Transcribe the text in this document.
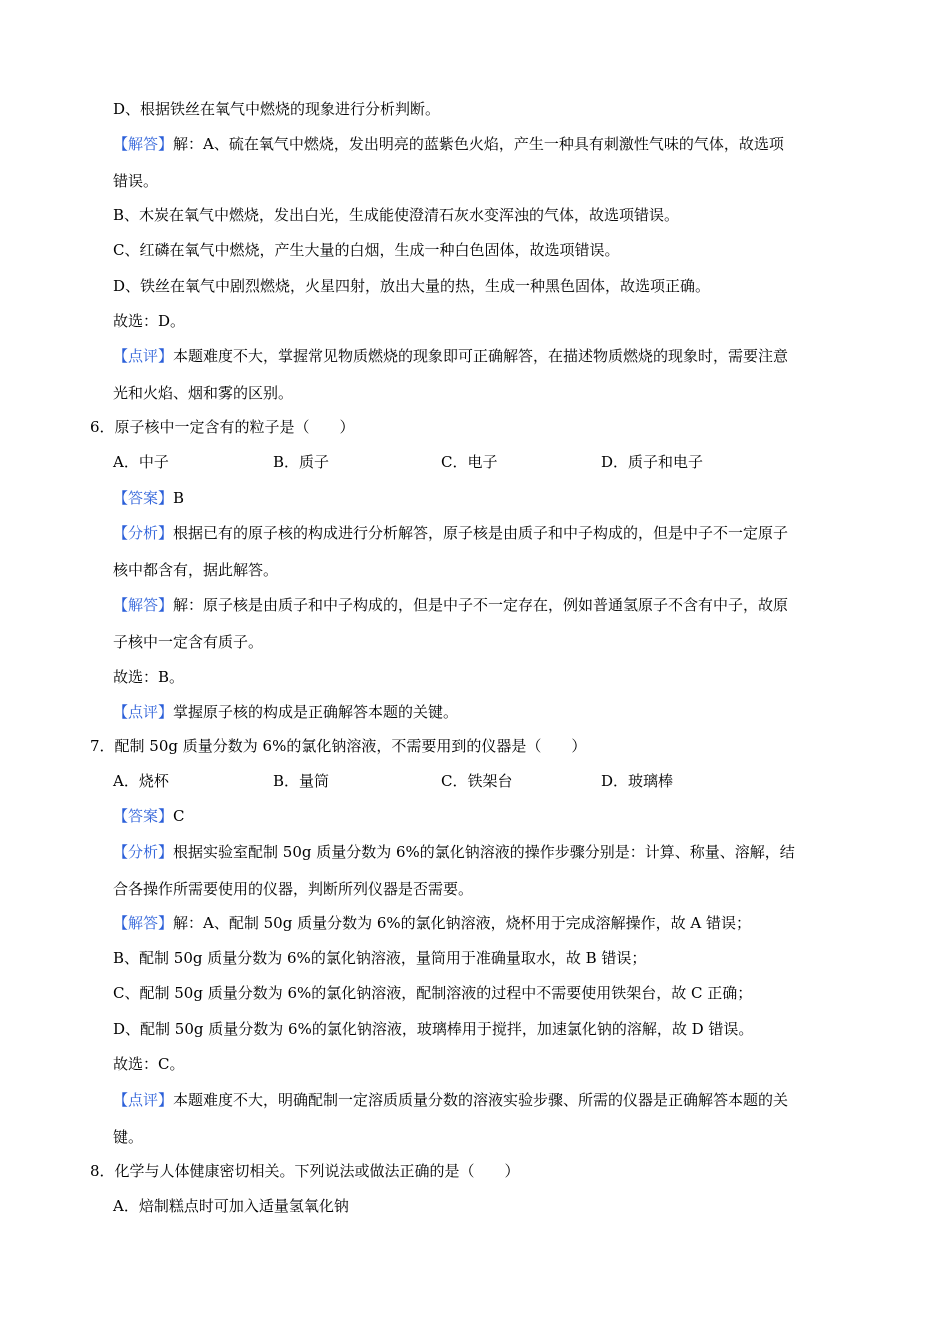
D、根据铁丝在氧气中燃烧的现象进行分析判断。
【解答】解：A、硫在氧气中燃烧，发出明亮的蓝紫色火焰，产生一种具有刺激性气味的气体，故选项
错误。
B、木炭在氧气中燃烧，发出白光，生成能使澄清石灰水变浑浊的气体，故选项错误。
C、红磷在氧气中燃烧，产生大量的白烟，生成一种白色固体，故选项错误。
D、铁丝在氧气中剧烈燃烧，火星四射，放出大量的热，生成一种黑色固体，故选项正确。
故选：D。
【点评】本题难度不大，掌握常见物质燃烧的现象即可正确解答，在描述物质燃烧的现象时，需要注意
光和火焰、烟和雾的区别。
6．原子核中一定含有的粒子是（　　）
A．中子	B．质子	C．电子	D．质子和电子
【答案】B
【分析】根据已有的原子核的构成进行分析解答，原子核是由质子和中子构成的，但是中子不一定原子
核中都含有，据此解答。
【解答】解：原子核是由质子和中子构成的，但是中子不一定存在，例如普通氢原子不含有中子，故原
子核中一定含有质子。
故选：B。
【点评】掌握原子核的构成是正确解答本题的关键。
7．配制 50g 质量分数为 6%的氯化钠溶液，不需要用到的仪器是（　　）
A．烧杯	B．量筒	C．铁架台	D．玻璃棒
【答案】C
【分析】根据实验室配制 50g 质量分数为 6%的氯化钠溶液的操作步骤分别是：计算、称量、溶解，结
合各操作所需要使用的仪器，判断所列仪器是否需要。
【解答】解：A、配制 50g 质量分数为 6%的氯化钠溶液，烧杯用于完成溶解操作，故 A 错误；
B、配制 50g 质量分数为 6%的氯化钠溶液，量筒用于准确量取水，故 B 错误；
C、配制 50g 质量分数为 6%的氯化钠溶液，配制溶液的过程中不需要使用铁架台，故 C 正确；
D、配制 50g 质量分数为 6%的氯化钠溶液，玻璃棒用于搅拌，加速氯化钠的溶解，故 D 错误。
故选：C。
【点评】本题难度不大，明确配制一定溶质质量分数的溶液实验步骤、所需的仪器是正确解答本题的关
键。
8．化学与人体健康密切相关。下列说法或做法正确的是（　　）
A．焙制糕点时可加入适量氢氧化钠
